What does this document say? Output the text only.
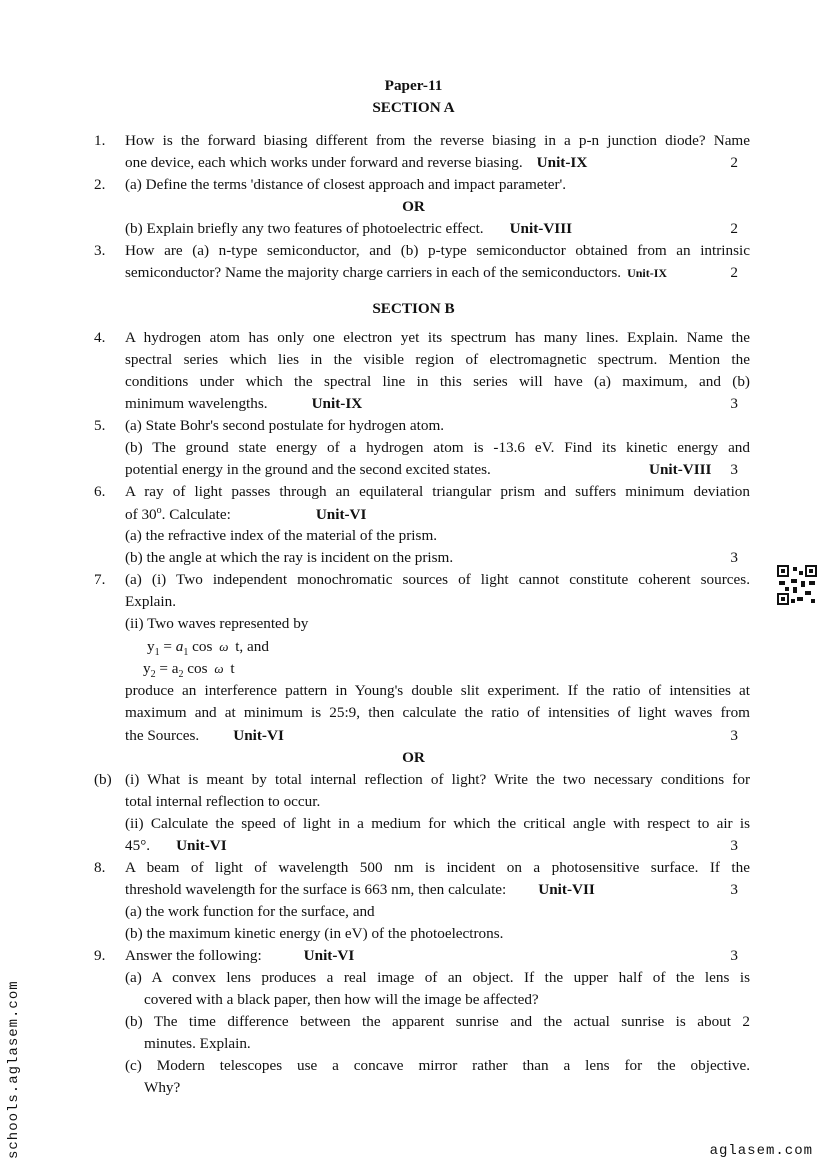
Paper-11
SECTION A
1. How is the forward biasing different from the reverse biasing in a p-n junction diode? Name
one device, each which works under forward and reverse biasing. Unit-IX	2
2. (a) Define the terms 'distance of closest approach and impact parameter'.
OR
(b) Explain briefly any two features of photoelectric effect. Unit-VIII	2
3. How are (a) n-type semiconductor, and (b) p-type semiconductor obtained from an intrinsic
semiconductor? Name the majority charge carriers in each of the semiconductors. Unit-IX	2
SECTION B
4. A hydrogen atom has only one electron yet its spectrum has many lines. Explain. Name the
spectral series which lies in the visible region of electromagnetic spectrum. Mention the
conditions under which the spectral line in this series will have (a) maximum, and (b)
minimum wavelengths.	Unit-IX	3
5. (a) State Bohr's second postulate for hydrogen atom.
(b) The ground state energy of a hydrogen atom is -13.6 eV. Find its kinetic energy and
potential energy in the ground and the second excited states.	Unit-VIII 3
6. A ray of light passes through an equilateral triangular prism and suffers minimum deviation
of 30$^o$. Calculate:	Unit-VI
(a) the refractive index of the material of the prism.
(b) the angle at which the ray is incident on the prism.	3
7. (a) (i) Two independent monochromatic sources of light cannot constitute coherent sources.
Explain.
(ii) Two waves represented by
$y_1 = a_1$ cos ω t, and
$y_2 = a_2$ cos ω t
produce an interference pattern in Young's double slit experiment. If the ratio of intensities at
maximum and at minimum is 25:9, then calculate the ratio of intensities of light waves from
the Sources. Unit-VI	3
OR
(b) (i) What is meant by total internal reflection of light? Write the two necessary conditions for
total internal reflection to occur.
(ii) Calculate the speed of light in a medium for which the critical angle with respect to air is
45°. Unit-VI	3
8. A beam of light of wavelength 500 nm is incident on a photosensitive surface. If the
threshold wavelength for the surface is 663 nm, then calculate: Unit-VII	3
(a) the work function for the surface, and
(b) the maximum kinetic energy (in eV) of the photoelectrons.
9. Answer the following:	Unit-VI	3
(a) A convex lens produces a real image of an object. If the upper half of the lens is
covered with a black paper, then how will the image be affected?
(b) The time difference between the apparent sunrise and the actual sunrise is about 2
minutes. Explain.
(c) Modern telescopes use a concave mirror rather than a lens for the objective.
Why?
schools.aglasem.com	aglasem.com
